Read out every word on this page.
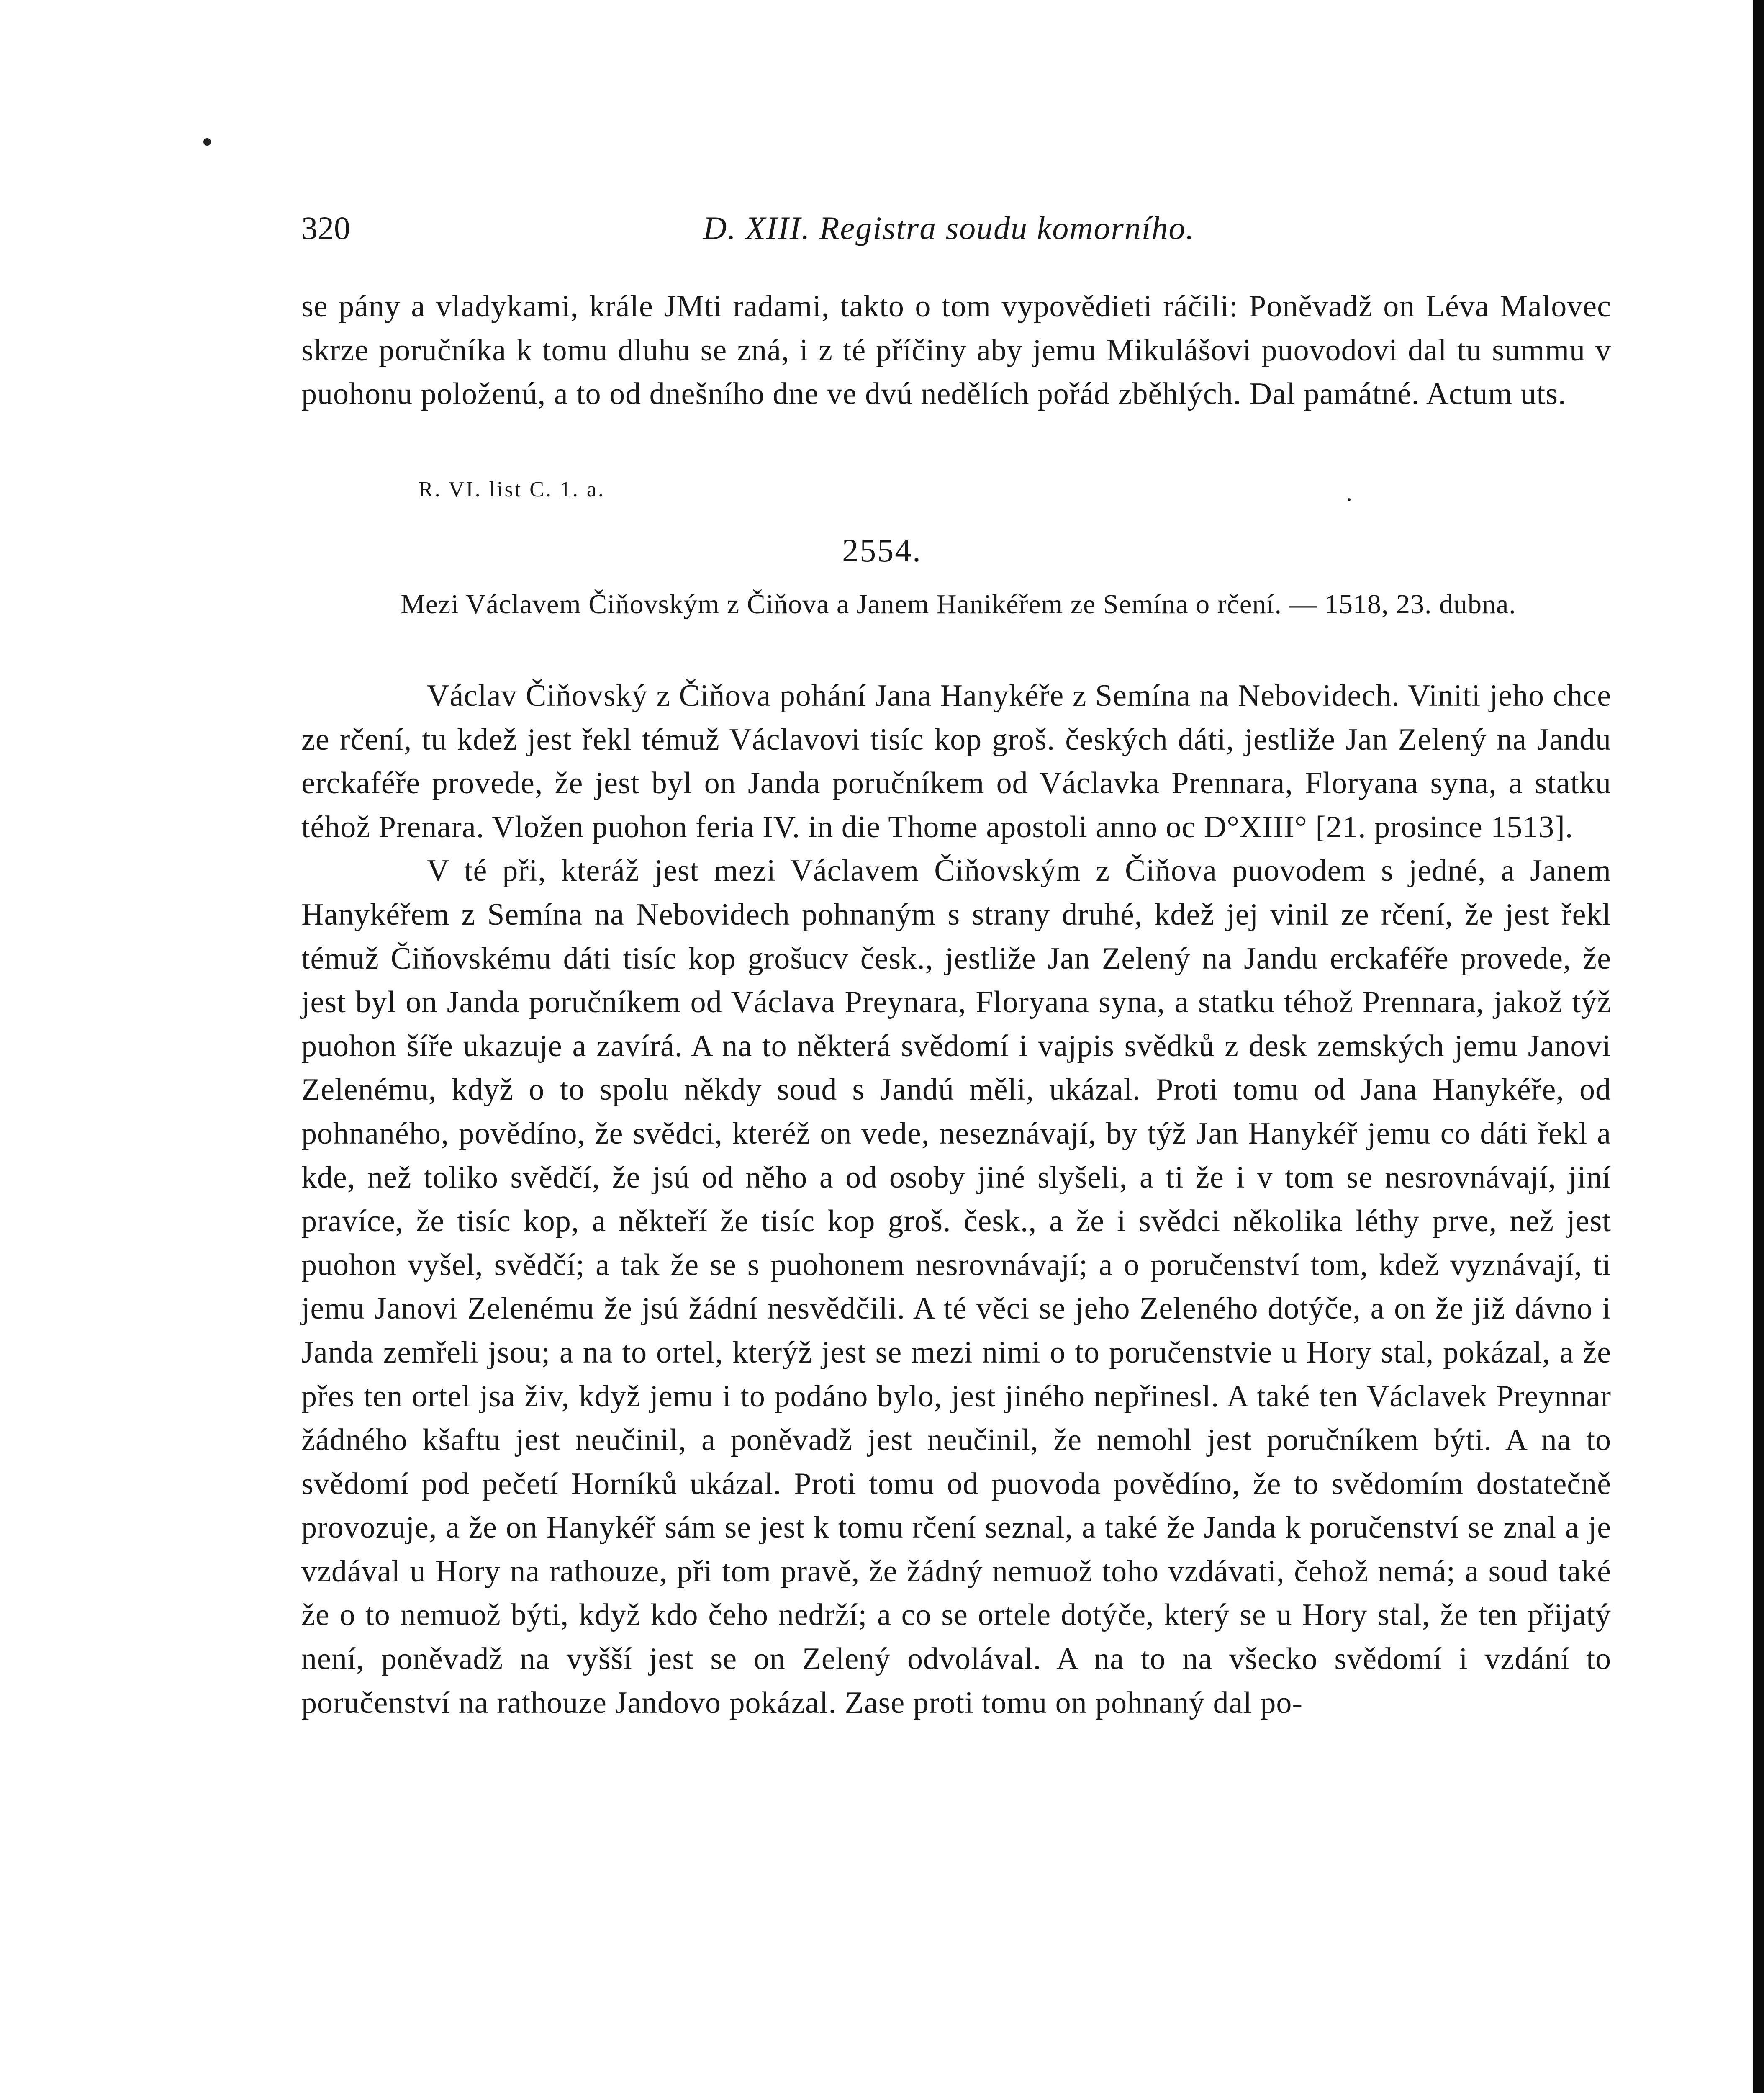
320	D. XIII. Registra soudu komorního.

se pány a vladykami, krále JMti radami, takto o tom vypovědieti ráčili: Poněvadž on Léva Malovec skrze poručníka k tomu dluhu se zná, i z té příčiny aby jemu Mikulášovi puovodovi dal tu summu v puohonu položenú, a to od dnešního dne ve dvú nedělích pořád zběhlých. Dal památné. Actum uts.

R. VI. list C. 1. a.
2554.
Mezi Václavem Čiňovským z Čiňova a Janem Hanikéřem ze Semína o rčení. — 1518, 23. dubna.

Václav Čiňovský z Čiňova pohání Jana Hanykéře z Semína na Nebovidech. Viniti jeho chce ze rčení, tu kdež jest řekl témuž Václavovi tisíc kop groš. českých dáti, jestliže Jan Zelený na Jandu erckaféře provede, že jest byl on Janda poručníkem od Václavka Prennara, Floryana syna, a statku téhož Prenara. Vložen puohon feria IV. in die Thome apostoli anno oc D°XIII° [21. prosince 1513].

V té při, kteráž jest mezi Václavem Čiňovským z Čiňova puovodem s jedné, a Janem Hanykéřem z Semína na Nebovidech pohnaným s strany druhé, kdež jej vinil ze rčení, že jest řekl témuž Čiňovskému dáti tisíc kop grošucv česk., jestliže Jan Zelený na Jandu erckaféře provede, že jest byl on Janda poručníkem od Václava Preynara, Floryana syna, a statku téhož Prennara, jakož týž puohon šíře ukazuje a zavírá. A na to některá svědomí i vajpis svědků z desk zemských jemu Janovi Zelenému, když o to spolu někdy soud s Jandú měli, ukázal. Proti tomu od Jana Hanykéře, od pohnaného, povědíno, že svědci, kteréž on vede, neseznávají, by týž Jan Hanykéř jemu co dáti řekl a kde, než toliko svědčí, že jsú od něho a od osoby jiné slyšeli, a ti že i v tom se nesrovnávají, jiní pravíce, že tisíc kop, a někteří že tisíc kop groš. česk., a že i svědci několika léthy prve, než jest puohon vyšel, svědčí; a tak že se s puohonem nesrovnávají; a o poručenství tom, kdež vyznávají, ti jemu Janovi Zelenému že jsú žádní nesvědčili. A té věci se jeho Zeleného dotýče, a on že již dávno i Janda zemřeli jsou; a na to ortel, kterýž jest se mezi nimi o to poručenstvie u Hory stal, pokázal, a že přes ten ortel jsa živ, když jemu i to podáno bylo, jest jiného nepřinesl. A také ten Václavek Preynnar žádného kšaftu jest neučinil, a poněvadž jest neučinil, že nemohl jest poručníkem býti. A na to svědomí pod pečetí Horníků ukázal. Proti tomu od puovoda povědíno, že to svědomím dostatečně provozuje, a že on Hanykéř sám se jest k tomu rčení seznal, a také že Janda k poručenství se znal a je vzdával u Hory na rathouze, při tom pravě, že žádný nemuož toho vzdávati, čehož nemá; a soud také že o to nemuož býti, když kdo čeho nedrží; a co se ortele dotýče, který se u Hory stal, že ten přijatý není, poněvadž na vyšší jest se on Zelený odvolával. A na to na všecko svědomí i vzdání to poručenství na rathouze Jandovo pokázal. Zase proti tomu on pohnaný dal po-
